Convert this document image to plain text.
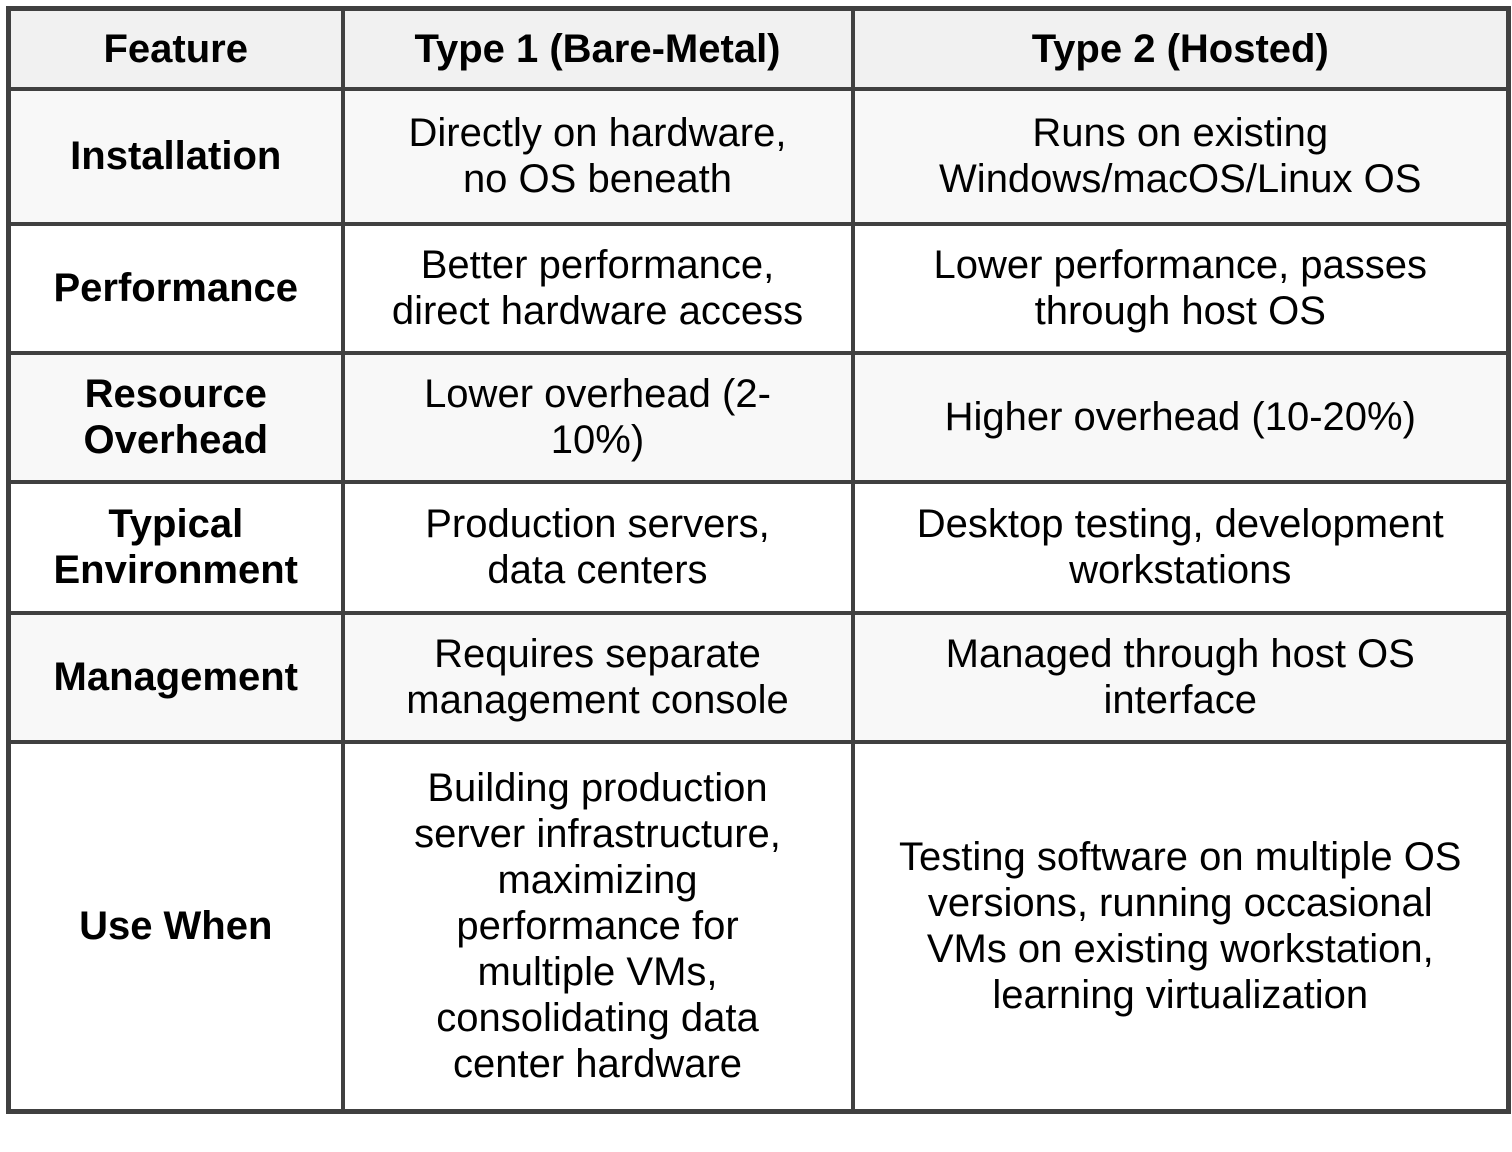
Feature	Type 1 (Bare-Metal)	Type 2 (Hosted)
Installation	Directly on hardware, no OS beneath	Runs on existing Windows/⁠macOS/⁠Linux OS
Performance	Better performance, direct hardware access	Lower performance, passes through host OS
Resource Overhead	Lower overhead (2-10%)	Higher overhead (10-20%)
Typical Environment	Production servers, data centers	Desktop testing, development workstations
Management	Requires separate management console	Managed through host OS interface
Use When	Building production server infrastructure, maximizing performance for multiple VMs, consolidating data center hardware	Testing software on multiple OS versions, running occasional VMs on existing workstation, learning virtualization
